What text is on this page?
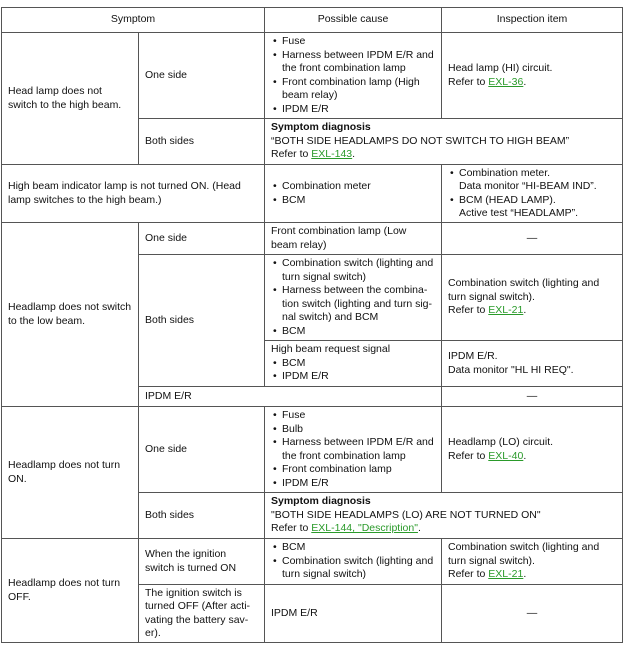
Symptom		Possible cause	Inspection item
Head lamp does not switch to the high beam.	One side	• Fuse
• Harness between IPDM E/R and the front combination lamp
• Front combination lamp (High beam relay)
• IPDM E/R	Head lamp (HI) circuit.
Refer to EXL-36.
	Both sides	Symptom diagnosis
“BOTH SIDE HEADLAMPS DO NOT SWITCH TO HIGH BEAM”
Refer to EXL-143.	
High beam indicator lamp is not turned ON. (Head lamp switches to the high beam.)		• Combination meter
• BCM	• Combination meter.
Data monitor “HI-BEAM IND”.
• BCM (HEAD LAMP).
Active test “HEADLAMP”.

Headlamp does not switch to the low beam.	One side	Front combination lamp (Low beam relay)	—
	Both sides	• Combination switch (lighting and turn signal switch)
• Harness between the combina-tion switch (lighting and turn sig-nal switch) and BCM
• BCM	Combination switch (lighting and turn signal switch).
Refer to EXL-21.

		High beam request signal
• BCM
• IPDM E/R	IPDM E/R.
Data monitor "HL HI REQ".

	IPDM E/R		—
Headlamp does not turn ON.	One side	• Fuse
• Bulb
• Harness between IPDM E/R and the front combination lamp
• Front combination lamp
• IPDM E/R	Headlamp (LO) circuit.
Refer to EXL-40.
	Both sides	Symptom diagnosis
"BOTH SIDE HEADLAMPS (LO) ARE NOT TURNED ON"
Refer to EXL-144, "Description".	
Headlamp does not turn OFF.	When the ignition switch is turned ON	• BCM
• Combination switch (lighting and turn signal switch)	Combination switch (lighting and turn signal switch).
Refer to EXL-21.
	The ignition switch is turned OFF (After acti-vating the battery sav-er).	IPDM E/R	—
